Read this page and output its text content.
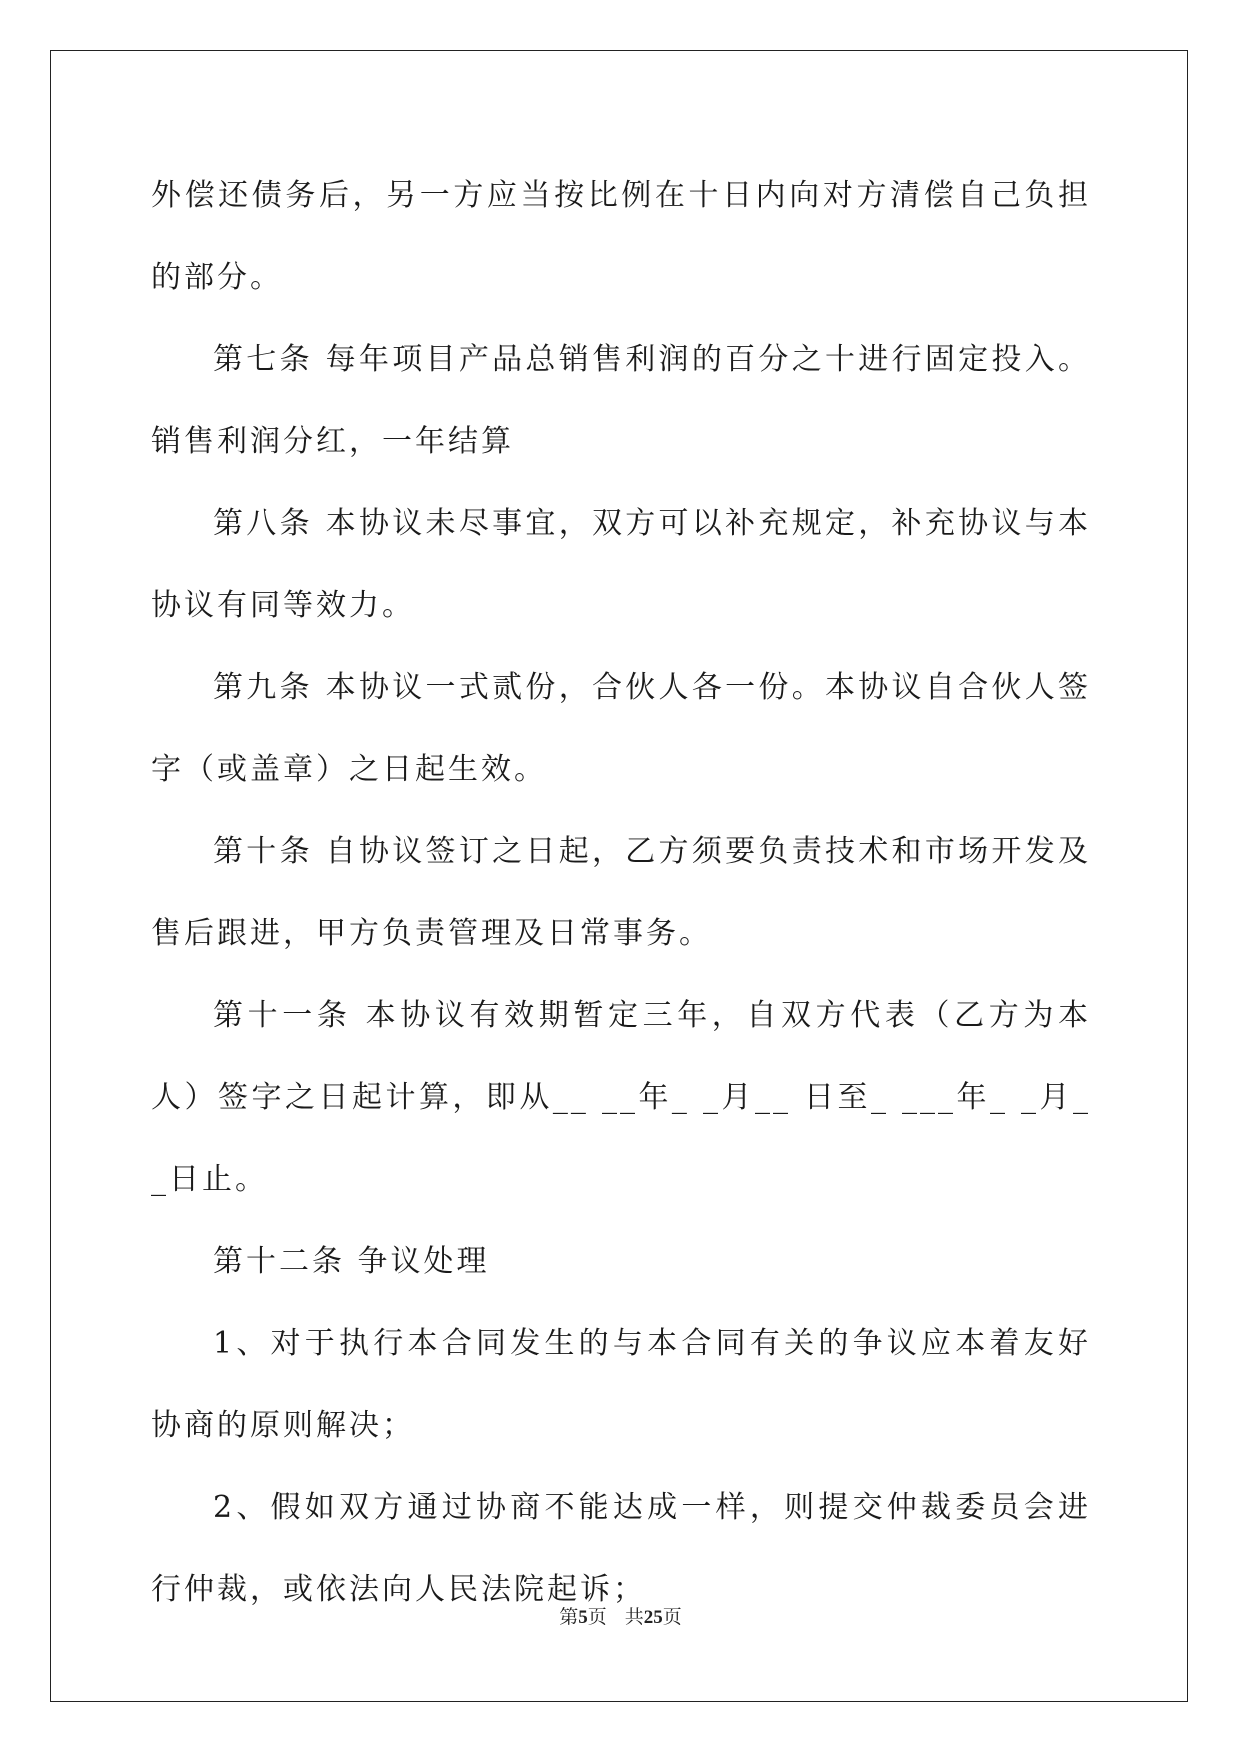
外偿还债务后，另一方应当按比例在十日内向对方清偿自己负担的部分。

第七条 每年项目产品总销售利润的百分之十进行固定投入。销售利润分红，一年结算

第八条 本协议未尽事宜，双方可以补充规定，补充协议与本协议有同等效力。

第九条 本协议一式贰份，合伙人各一份。本协议自合伙人签字（或盖章）之日起生效。

第十条 自协议签订之日起，乙方须要负责技术和市场开发及售后跟进，甲方负责管理及日常事务。

第十一条 本协议有效期暂定三年，自双方代表（乙方为本人）签字之日起计算，即从__ __年_ _月__ 日至_ ___年_ _月_ _日止。

第十二条 争议处理

1、对于执行本合同发生的与本合同有关的争议应本着友好协商的原则解决；

2、假如双方通过协商不能达成一样，则提交仲裁委员会进行仲裁，或依法向人民法院起诉；

第5页 共25页
